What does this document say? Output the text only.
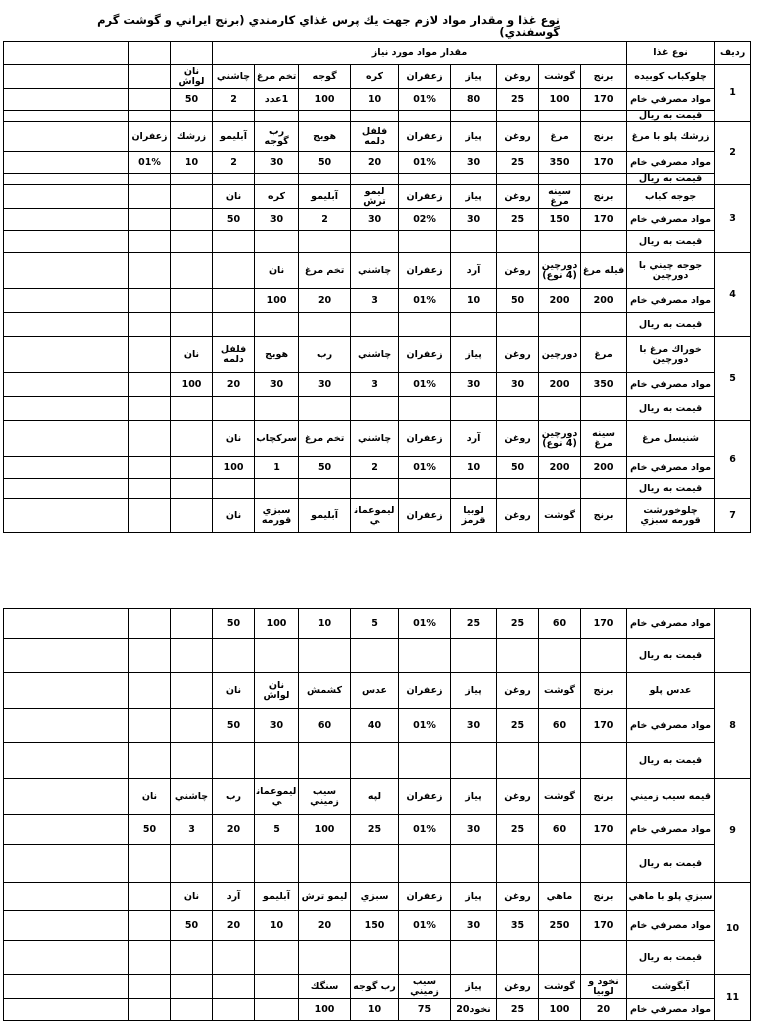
نوع غذا و مقدار مواد لازم جهت يك پرس غذاي كارمندي (برنج ايراني و گوشت گرم گوسفندي)
رديف	نوع غذا	مقدار مواد مورد نياز											
1	چلوكباب كوبيده	برنج	گوشت	روغن	پياز	زعفران	كره	گوجه	تخم مرغ	چاشني	نان لواش		
	مواد مصرفي خام	170	100	25	80	01%	10	100	1عدد	2	50		
	قيمت به ريال												
2	زرشك پلو با مرغ	برنج	مرغ	روغن	پياز	زعفران	فلفل دلمه	هويج	رب گوجه	آبليمو	زرشك	زعفران	
	مواد مصرفي خام	170	350	25	30	01%	20	50	30	2	10	01%	
	قيمت به ريال												
3	جوجه كباب	برنج	سينه مرغ	روغن	پياز	زعفران	ليمو ترش	آبليمو	كره	نان			
	مواد مصرفي خام	170	150	25	30	02%	30	2	30	50			
	قيمت به ريال												
4	جوجه چيني با دورچين	فيله مرغ	دورچين (4 نوع)	روغن	آرد	زعفران	چاشني	تخم مرغ	نان				
	مواد مصرفي خام	200	200	50	10	01%	3	20	100				
	قيمت به ريال												
5	خوراك مرغ با دورچين	مرغ	دورچين	روغن	پياز	زعفران	چاشني	رب	هويج	فلفل دلمه	نان		
	مواد مصرفي خام	350	200	30	30	01%	3	30	30	20	100		
	قيمت به ريال												
6	شنيسل مرغ	سينه مرغ	دورچين (4 نوع)	روغن	آرد	زعفران	چاشني	تخم مرغ	سركچاب	نان			
	مواد مصرفي خام	200	200	50	10	01%	2	50	1	100			
	قيمت به ريال												
7	چلوخورشت قورمه سبزي	برنج	گوشت	روغن	لوبيا قرمز	زعفران	ليموعماني	آبليمو	سبزي قورمه	نان			
	مواد مصرفي خام	170	60	25	25	01%	5	10	100	50			
	قيمت به ريال												
8	عدس پلو	برنج	گوشت	روغن	پياز	زعفران	عدس	كشمش	نان لواش	نان			
	مواد مصرفي خام	170	60	25	30	01%	40	60	30	50			
	قيمت به ريال												
9	قيمه سيب زميني	برنج	گوشت	روغن	پياز	زعفران	لپه	سيب زميني	ليموعماني	رب	چاشني	نان	
	مواد مصرفي خام	170	60	25	30	01%	25	100	5	20	3	50	
	قيمت به ريال												
10	سبزي پلو با ماهي	برنج	ماهي	روغن	پياز	زعفران	سبزي	ليمو ترش	آبليمو	آرد	نان		
	مواد مصرفي خام	170	250	35	30	01%	150	20	10	20	50		
	قيمت به ريال												
11	آبگوشت	نخود و لوبيا	گوشت	روغن	پياز	سيب زميني	رب گوجه	سنگك					
	مواد مصرفي خام	20	100	25	نخود20	75	10	100					
